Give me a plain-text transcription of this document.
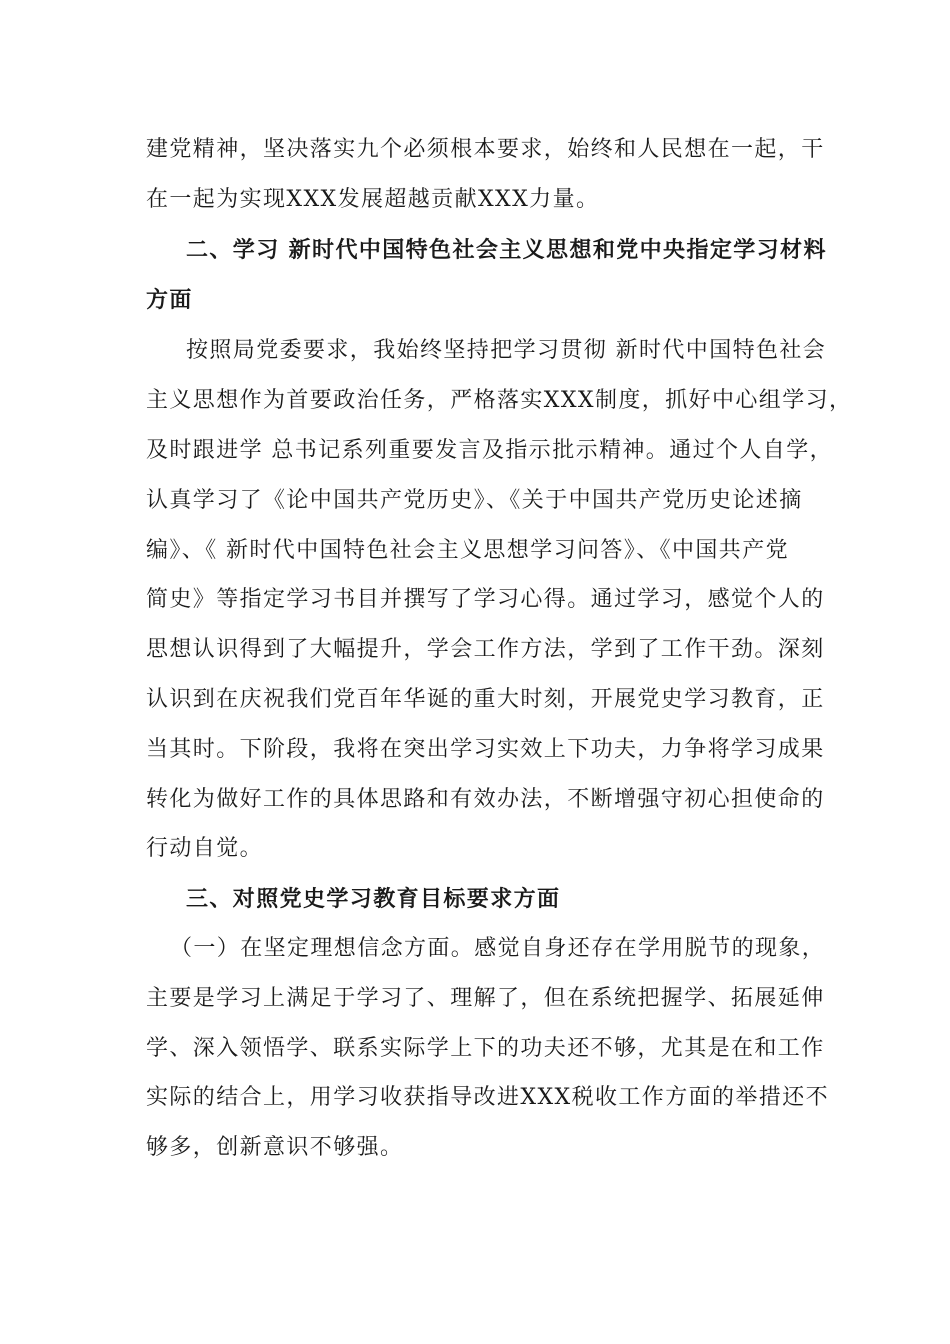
建党精神，坚决落实九个必须根本要求，始终和人民想在一起，干
在一起为实现XXX发展超越贡献XXX力量。
二、学习 新时代中国特色社会主义思想和党中央指定学习材料
方面
按照局党委要求，我始终坚持把学习贯彻 新时代中国特色社会
主义思想作为首要政治任务，严格落实XXX制度，抓好中心组学习，
及时跟进学 总书记系列重要发言及指示批示精神。通过个人自学，
认真学习了《论中国共产党历史》、《关于中国共产党历史论述摘
编》、《 新时代中国特色社会主义思想学习问答》、《中国共产党
简史》等指定学习书目并撰写了学习心得。通过学习，感觉个人的
思想认识得到了大幅提升，学会工作方法，学到了工作干劲。深刻
认识到在庆祝我们党百年华诞的重大时刻，开展党史学习教育，正
当其时。下阶段，我将在突出学习实效上下功夫，力争将学习成果
转化为做好工作的具体思路和有效办法，不断增强守初心担使命的
行动自觉。
三、对照党史学习教育目标要求方面
（一）在坚定理想信念方面。感觉自身还存在学用脱节的现象，
主要是学习上满足于学习了、理解了，但在系统把握学、拓展延伸
学、深入领悟学、联系实际学上下的功夫还不够，尤其是在和工作
实际的结合上，用学习收获指导改进XXX税收工作方面的举措还不
够多，创新意识不够强。
